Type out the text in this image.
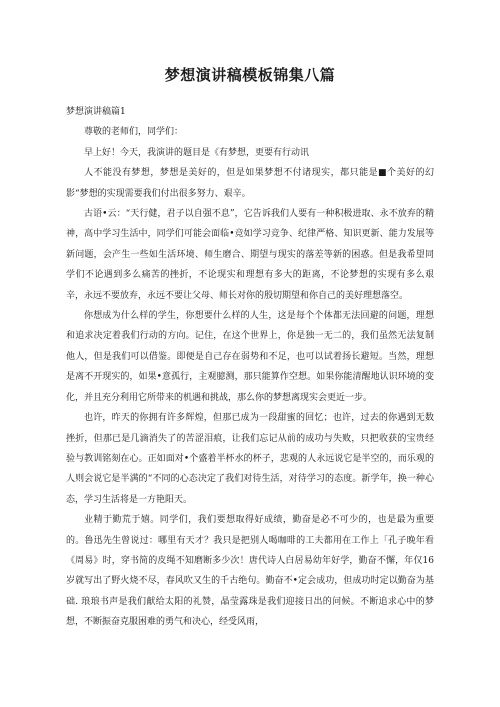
梦想演讲稿模板锦集八篇

梦想演讲稿篇1

尊敬的老师们，同学们：

早上好！今天，我演讲的题目是《有梦想，更要有行动讯

人不能没有梦想，梦想是美好的，但是如果梦想不付诸现实，都只能是■个美好的幻影“梦想的实现需要我们付出很多努力、艰辛。

古语•云：“天行健，君子以自强不息”，它告诉我们人要有一种积极进取、永不放弃的精神，高中学习生活中，同学们可能会面临•竞如学习竞争、纪律严格、知识更新、能力发展等新问题，会产生一些如生活环境、师生磨合、期望与现实的落差等新的困惑。但是我希望同学们不论遇到多么痛苦的挫折，不论现实和理想有多大的距离，不论梦想的实现有多么艰辛，永远不要放弃，永远不要让父母、师长对你的殷切期望和你自己的美好理想落空。

你想成为什么样的学生，你想要什么样的人生，这是每个个体都无法回避的问题，理想和追求决定着我们行动的方向。记住，在这个世界上，你是独一无二的，我们虽然无法复制他人，但是我们可以借鉴。即便是自己存在弱势和不足，也可以试着扬长避短。当然，理想是离不开现实的，如果•意孤行，主观臆测，那只能算作空想。如果你能清醒地认识环境的变化，并且充分利用它所带来的机遇和挑战，那么你的梦想离现实会更近一步。

也许，昨天的你拥有许多辉煌，但那已成为一段甜蜜的回忆；也许，过去的你遇到无数挫折，但那已是几滴消失了的苦涩泪痕，让我们忘记从前的成功与失败，只把收获的宝贵经验与教训铭刻在心。正如面对•个盛着半杯水的杯子，悲观的人永远说它是半空的，而乐观的人则会说它是半满的“不同的心态决定了我们对待生活，对待学习的态度。新学年，换一种心态，学习生活将是一方艳阳天。

业精于勤荒于嬉。同学们，我们要想取得好成绩，勤奋是必不可少的，也是最为重要的。鲁迅先生曾说过：哪里有天才？我只是把别人喝咖啡的工夫都用在工作上「孔子晚年看《周易》时，穿书简的皮绳不知磨断多少次！唐代诗人白居易幼年好学，勤奋不懈，年仅16岁就写出了野火烧不尽，春风吹又生的千古绝句。勤奋不•定会成功，但成功时定以勤奋为基础. 琅琅书声是我们献给太阳的礼赞，晶莹露珠是我们迎接日出的问候。不断追求心中的梦想，不断振奋克服困难的勇气和决心，经受风雨，
